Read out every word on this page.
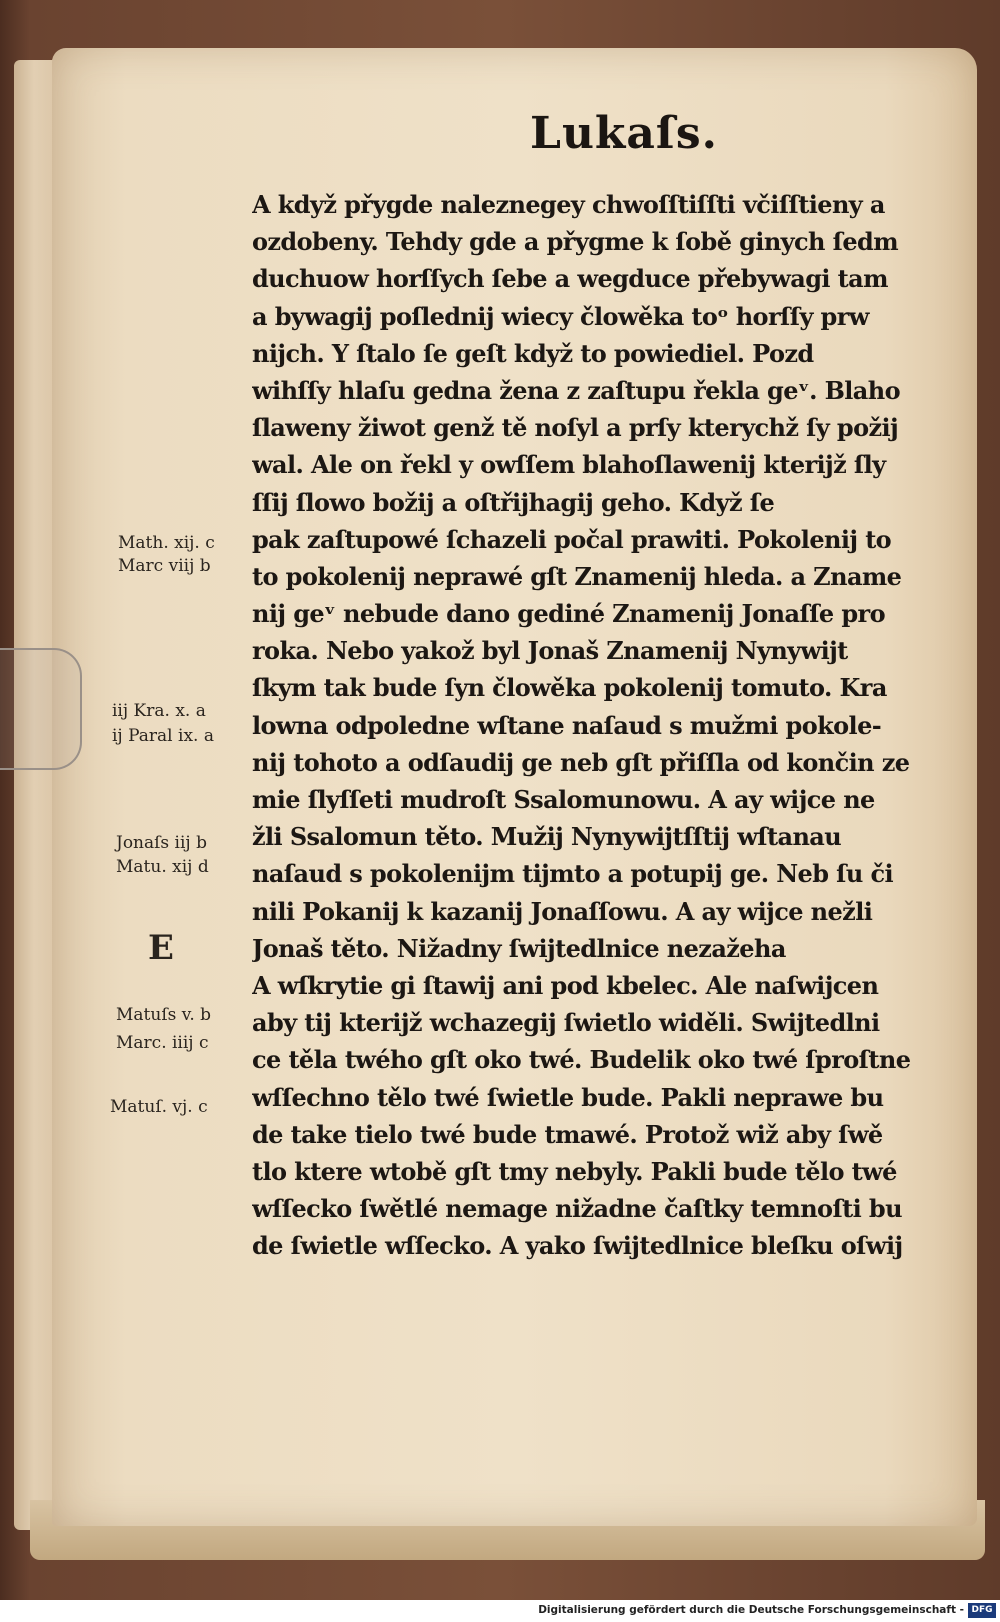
Lukaſs.
A když přygde naleznegey chwoſſtiſſti včiſſtieny a
ozdobeny. Tehdy gde a přygme k ſobě ginych ſedm
duchuow horſſych ſebe a wegduce přebywagi tam
a bywagij poſlednij wiecy člowěka toᵒ horſſy prw
nijch. Y ſtalo ſe geſt když to powiediel. Pozd
wihſſy hlaſu gedna žena z zaſtupu řekla geᵛ. Blaho
ſlaweny žiwot genž tě noſyl a prſy kterychž ſy požij
wal. Ale on řekl y owſſem blahoſlawenij kterijž ſly
ſſij ſlowo božij a oſtřijhagij geho. Když ſe
pak zaſtupowé ſchazeli počal prawiti. Pokolenij to
to pokolenij neprawé gſt Znamenij hleda. a Zname
nij geᵛ nebude dano gediné Znamenij Jonaſſe pro
roka. Nebo yakož byl Jonaš Znamenij Nynywijt
ſkym tak bude ſyn člowěka pokolenij tomuto. Kra
lowna odpoledne wſtane naſaud s mužmi pokole-
nij tohoto a odſaudij ge neb gſt přiſſla od končin ze
mie ſlyſſeti mudroſt Ssalomunowu. A ay wijce ne
žli Ssalomun těto. Mužij Nynywijtſſtij wſtanau
naſaud s pokolenijm tijmto a potupij ge. Neb ſu či
nili Pokanij k kazanij Jonaſſowu. A ay wijce nežli
Jonaš těto. Nižadny ſwijtedlnice nezažeha
A wſkrytie gi ſtawij ani pod kbelec. Ale naſwijcen
aby tij kterijž wchazegij ſwietlo widěli. Swijtedlni
ce těla twého gſt oko twé. Budelik oko twé ſproſtne
wſſechno tělo twé ſwietle bude. Pakli neprawe bu
de take tielo twé bude tmawé. Protož wiž aby ſwě
tlo ktere wtobě gſt tmy nebyly. Pakli bude tělo twé
wſſecko ſwětlé nemage nižadne čaſtky temnoſti bu
de ſwietle wſſecko. A yako ſwijtedlnice bleſku oſwij
Math. xij. c
Marc viij b
iij Kra. x. a
ij Paral ix. a
Jonaſs iij b
Matu. xij d
E
Matuſs v. b
Marc. iiij c
Matuſ. vj. c
Digitalisierung gefördert durch die Deutsche Forschungsgemeinschaft - DFG
